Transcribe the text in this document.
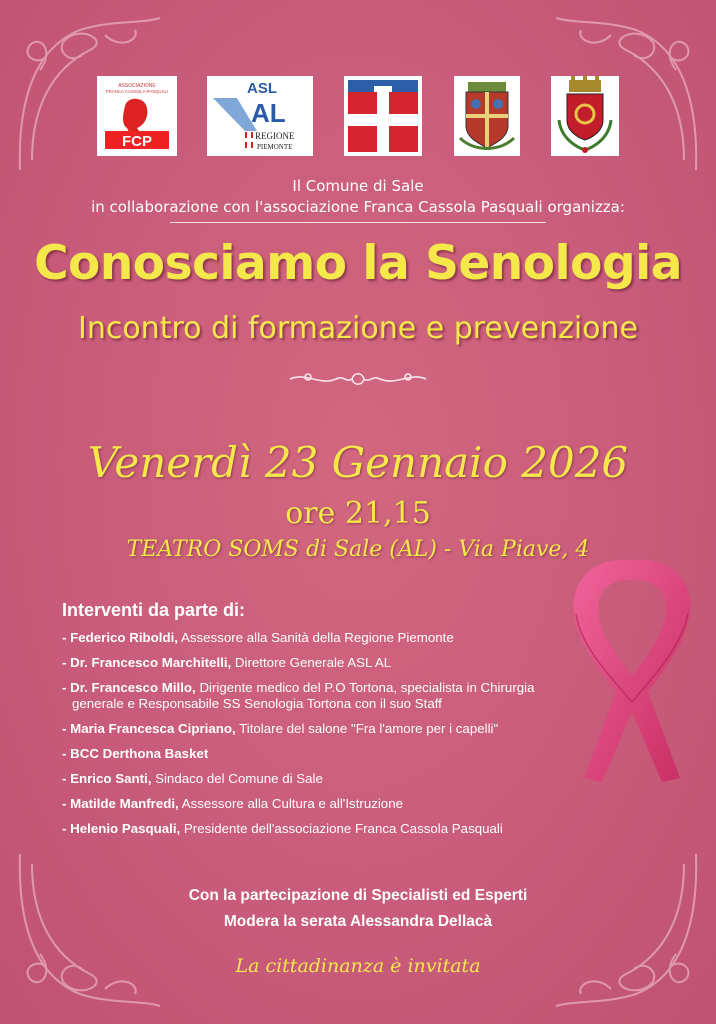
ASSOCIAZIONE
FRANCA CASSOLA PASQUALI
FCP
ASL
AL
REGIONE
PIEMONTE
Il Comune di Sale
in collaborazione con l'associazione Franca Cassola Pasquali organizza:
Conosciamo la Senologia
Incontro di formazione e prevenzione
Venerdì 23 Gennaio 2026
ore 21,15
TEATRO SOMS di Sale (AL) - Via Piave, 4
Interventi da parte di:
- Federico Riboldi, Assessore alla Sanità della Regione Piemonte
- Dr. Francesco Marchitelli, Direttore Generale ASL AL
- Dr. Francesco Millo, Dirigente medico del P.O Tortona, specialista in Chirurgia generale e Responsabile SS Senologia Tortona con il suo Staff
- Maria Francesca Cipriano, Titolare del salone "Fra l'amore per i capelli"
- BCC Derthona Basket
- Enrico Santi, Sindaco del Comune di Sale
- Matilde Manfredi, Assessore alla Cultura e all'Istruzione
- Helenio Pasquali, Presidente dell'associazione Franca Cassola Pasquali
Con la partecipazione di Specialisti ed Esperti
Modera la serata Alessandra Dellacà
La cittadinanza è invitata
